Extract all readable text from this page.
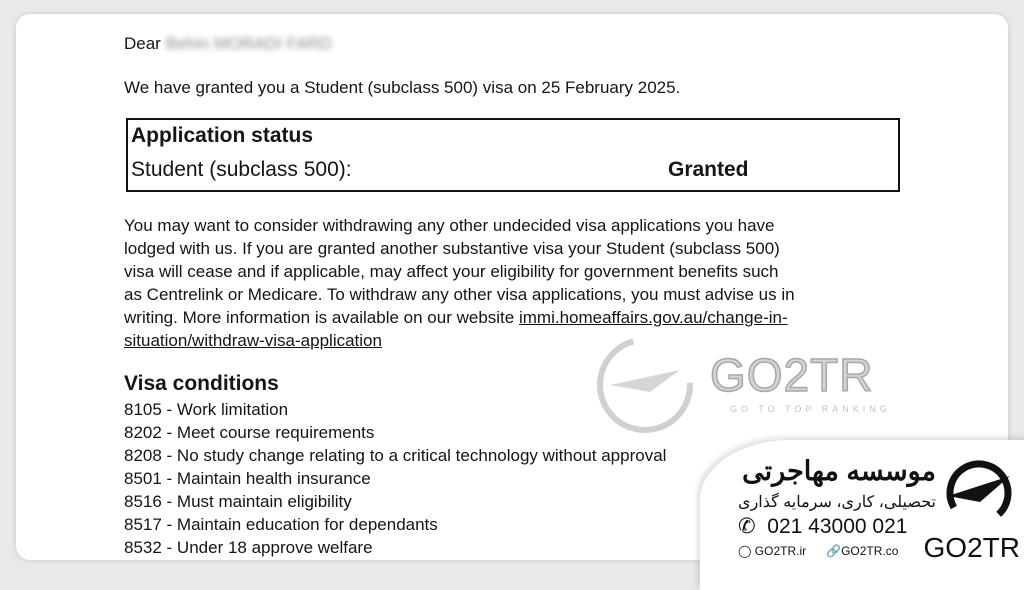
Dear Behin MORADI FARD
We have granted you a Student (subclass 500) visa on 25 February 2025.
Application status
Student (subclass 500):	Granted
You may want to consider withdrawing any other undecided visa applications you have
lodged with us. If you are granted another substantive visa your Student (subclass 500)
visa will cease and if applicable, may affect your eligibility for government benefits such
as Centrelink or Medicare. To withdraw any other visa applications, you must advise us in
writing. More information is available on our website immi.homeaffairs.gov.au/change-in-
situation/withdraw-visa-application
Visa conditions
8105 - Work limitation
8202 - Meet course requirements
8208 - No study change relating to a critical technology without approval
8501 - Maintain health insurance
8516 - Must maintain eligibility
8517 - Maintain education for dependants
8532 - Under 18 approve welfare
GO2TR
GO TO TOP RANKING
موسسه مهاجرتی
تحصیلی، کاری، سرمایه گذاری
✆ 021 43000 021
◯ GO2TR.ir 🔗GO2TR.co GO2TR
